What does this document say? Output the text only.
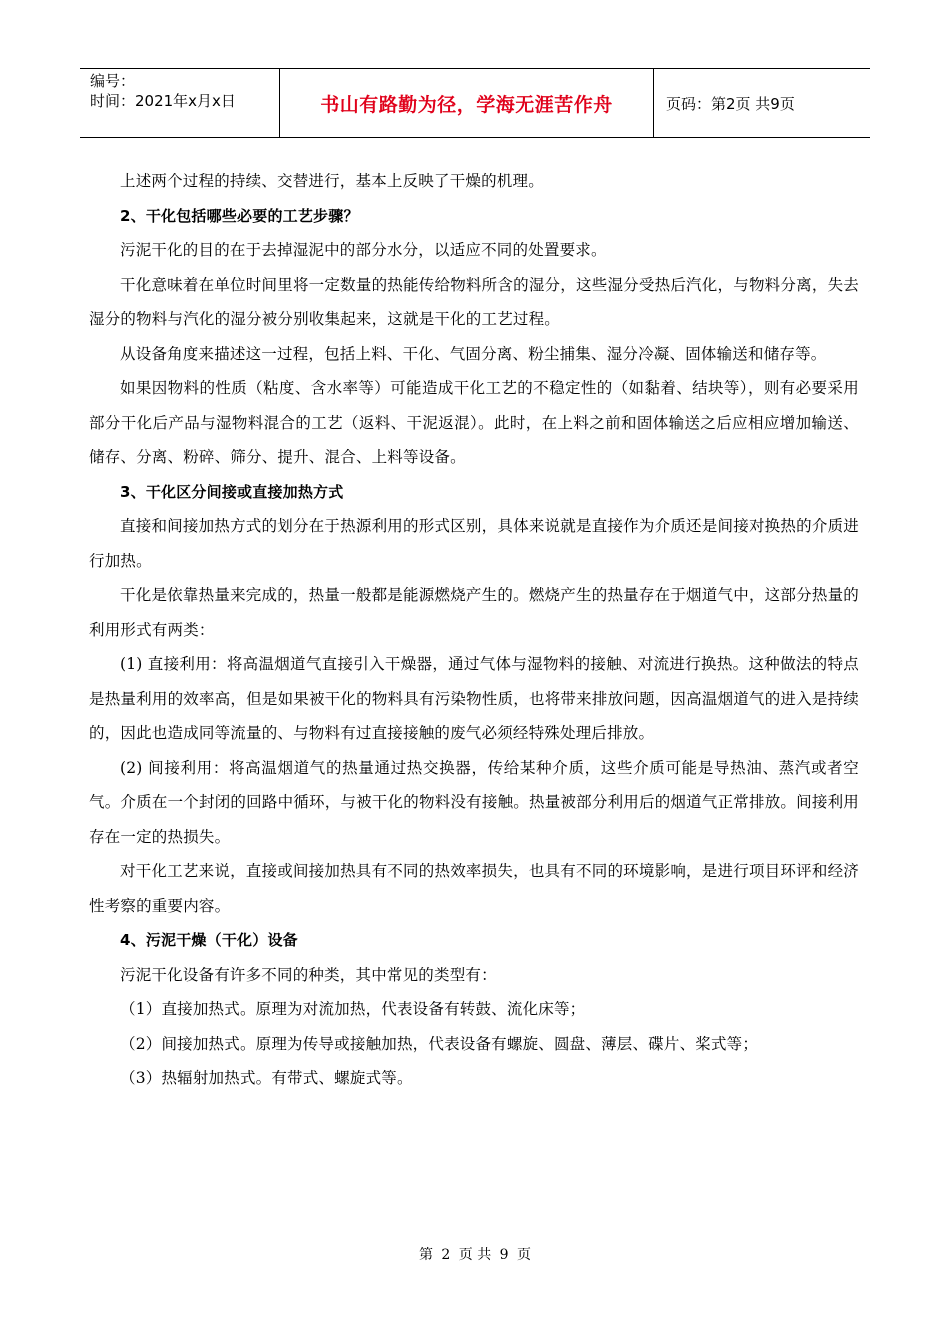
编号：
时间：2021年x月x日	书山有路勤为径，学海无涯苦作舟	页码：第2页 共9页

上述两个过程的持续、交替进行，基本上反映了干燥的机理。

2、干化包括哪些必要的工艺步骤？

污泥干化的目的在于去掉湿泥中的部分水分，以适应不同的处置要求。

干化意味着在单位时间里将一定数量的热能传给物料所含的湿分，这些湿分受热后汽化，与物料分离，失去湿分的物料与汽化的湿分被分别收集起来，这就是干化的工艺过程。

从设备角度来描述这一过程，包括上料、干化、气固分离、粉尘捕集、湿分冷凝、固体输送和储存等。

如果因物料的性质（粘度、含水率等）可能造成干化工艺的不稳定性的（如黏着、结块等），则有必要采用部分干化后产品与湿物料混合的工艺（返料、干泥返混）。此时，在上料之前和固体输送之后应相应增加输送、储存、分离、粉碎、筛分、提升、混合、上料等设备。

3、干化区分间接或直接加热方式

直接和间接加热方式的划分在于热源利用的形式区别，具体来说就是直接作为介质还是间接对换热的介质进行加热。

干化是依靠热量来完成的，热量一般都是能源燃烧产生的。燃烧产生的热量存在于烟道气中，这部分热量的利用形式有两类：

(1) 直接利用：将高温烟道气直接引入干燥器，通过气体与湿物料的接触、对流进行换热。这种做法的特点是热量利用的效率高，但是如果被干化的物料具有污染物性质，也将带来排放问题，因高温烟道气的进入是持续的，因此也造成同等流量的、与物料有过直接接触的废气必须经特殊处理后排放。

(2) 间接利用：将高温烟道气的热量通过热交换器，传给某种介质，这些介质可能是导热油、蒸汽或者空气。介质在一个封闭的回路中循环，与被干化的物料没有接触。热量被部分利用后的烟道气正常排放。间接利用存在一定的热损失。

对干化工艺来说，直接或间接加热具有不同的热效率损失，也具有不同的环境影响，是进行项目环评和经济性考察的重要内容。

4、污泥干燥（干化）设备

污泥干化设备有许多不同的种类，其中常见的类型有：

（1）直接加热式。原理为对流加热，代表设备有转鼓、流化床等；

（2）间接加热式。原理为传导或接触加热，代表设备有螺旋、圆盘、薄层、碟片、桨式等；

（3）热辐射加热式。有带式、螺旋式等。

第 2 页 共 9 页
